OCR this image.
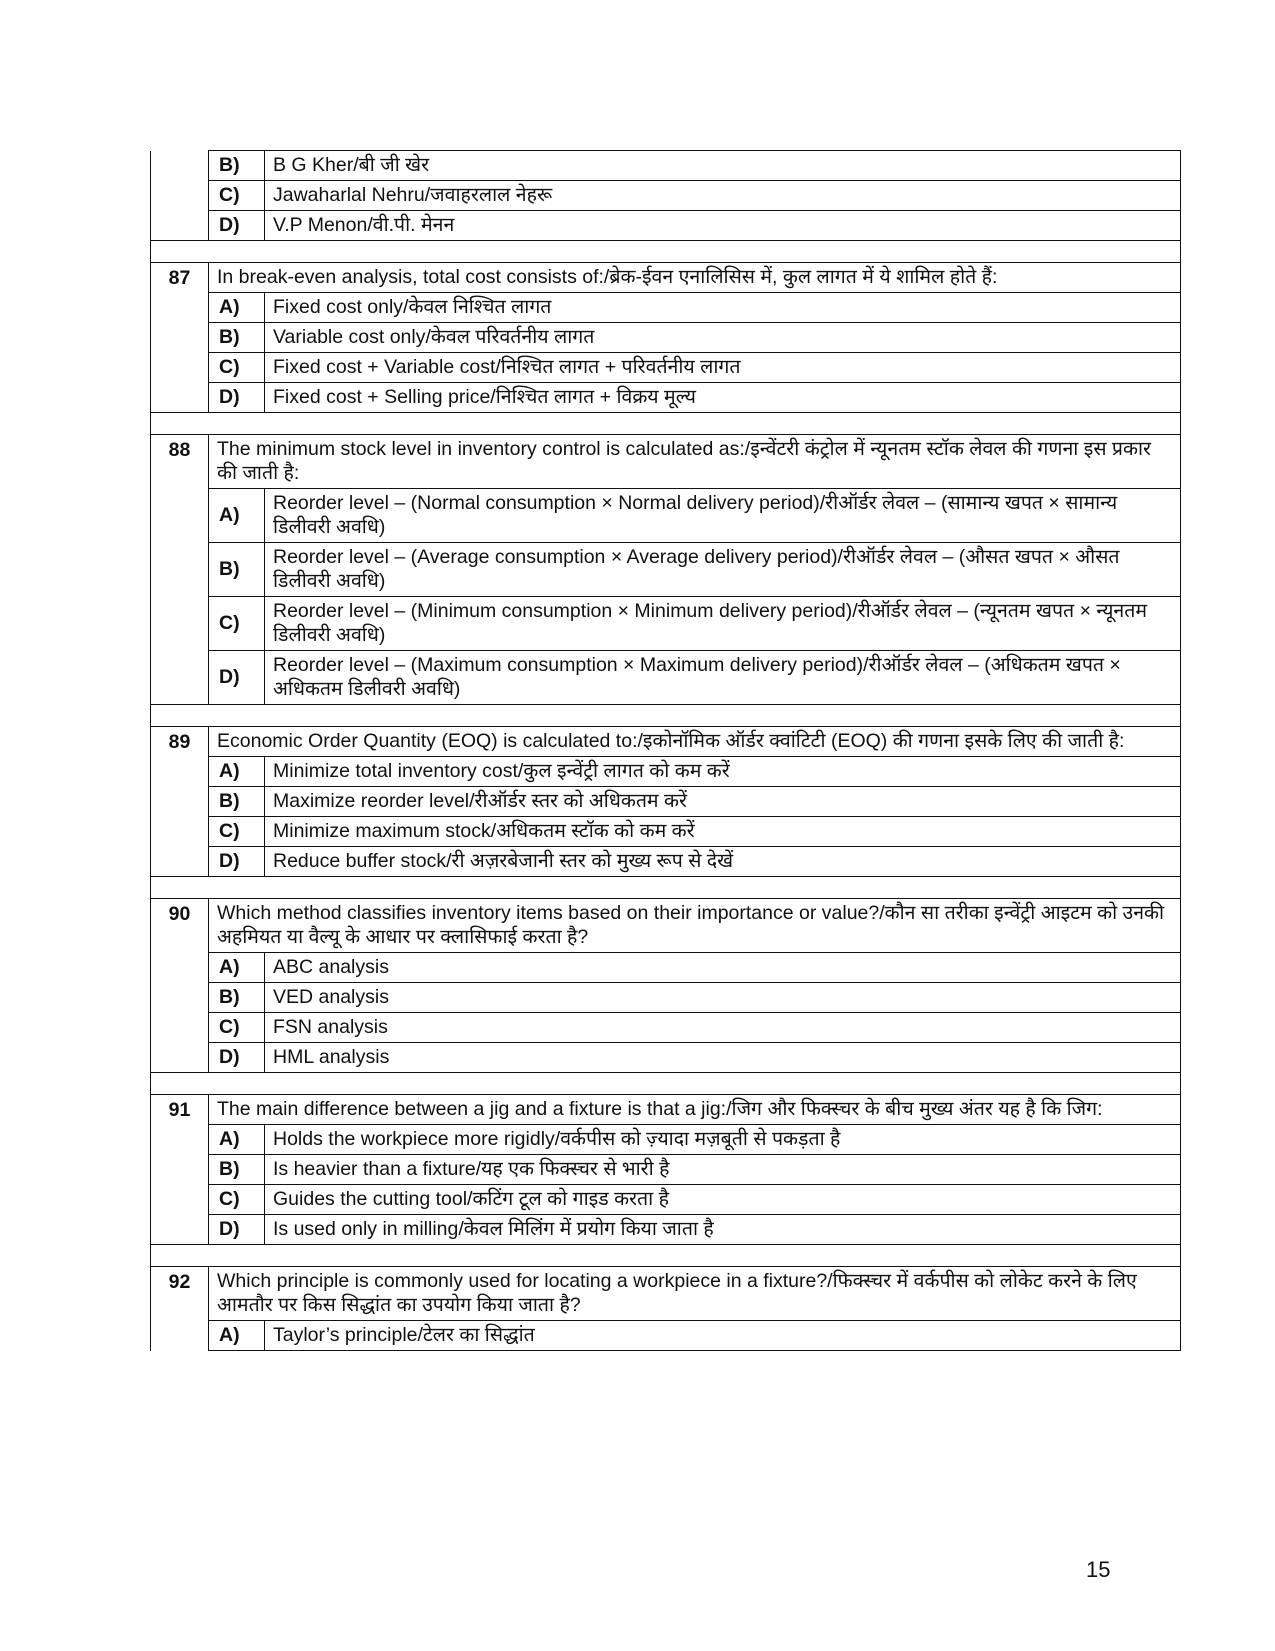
	B)	B G Kher/बी जी खेर
	C)	Jawaharlal Nehru/जवाहरलाल नेहरू
	D)	V.P Menon/वी.पी. मेनन

87	In break-even analysis, total cost consists of:/ब्रेक-ईवन एनालिसिस में, कुल लागत में ये शामिल होते हैं:	
	A)	Fixed cost only/केवल निश्चित लागत
	B)	Variable cost only/केवल परिवर्तनीय लागत
	C)	Fixed cost + Variable cost/निश्चित लागत + परिवर्तनीय लागत
	D)	Fixed cost + Selling price/निश्चित लागत + विक्रय मूल्य

88	The minimum stock level in inventory control is calculated as:/इन्वेंटरी कंट्रोल में न्यूनतम स्टॉक लेवल की गणना इस प्रकार की जाती है:	
	A)	Reorder level – (Normal consumption × Normal delivery period)/रीऑर्डर लेवल – (सामान्य खपत × सामान्य डिलीवरी अवधि)
	B)	Reorder level – (Average consumption × Average delivery period)/रीऑर्डर लेवल – (औसत खपत × औसत डिलीवरी अवधि)
	C)	Reorder level – (Minimum consumption × Minimum delivery period)/रीऑर्डर लेवल – (न्यूनतम खपत × न्यूनतम डिलीवरी अवधि)
	D)	Reorder level – (Maximum consumption × Maximum delivery period)/रीऑर्डर लेवल – (अधिकतम खपत × अधिकतम डिलीवरी अवधि)

89	Economic Order Quantity (EOQ) is calculated to:/इकोनॉमिक ऑर्डर क्वांटिटी (EOQ) की गणना इसके लिए की जाती है:	
	A)	Minimize total inventory cost/कुल इन्वेंट्री लागत को कम करें
	B)	Maximize reorder level/रीऑर्डर स्तर को अधिकतम करें
	C)	Minimize maximum stock/अधिकतम स्टॉक को कम करें
	D)	Reduce buffer stock/री अज़रबेजानी स्तर को मुख्य रूप से देखें

90	Which method classifies inventory items based on their importance or value?/कौन सा तरीका इन्वेंट्री आइटम को उनकी अहमियत या वैल्यू के आधार पर क्लासिफाई करता है?	
	A)	ABC analysis
	B)	VED analysis
	C)	FSN analysis
	D)	HML analysis

91	The main difference between a jig and a fixture is that a jig:/जिग और फिक्स्चर के बीच मुख्य अंतर यह है कि जिग:	
	A)	Holds the workpiece more rigidly/वर्कपीस को ज़्यादा मज़बूती से पकड़ता है
	B)	Is heavier than a fixture/यह एक फिक्स्चर से भारी है
	C)	Guides the cutting tool/कटिंग टूल को गाइड करता है
	D)	Is used only in milling/केवल मिलिंग में प्रयोग किया जाता है

92	Which principle is commonly used for locating a workpiece in a fixture?/फिक्स्चर में वर्कपीस को लोकेट करने के लिए आमतौर पर किस सिद्धांत का उपयोग किया जाता है?	
	A)	Taylor’s principle/टेलर का सिद्धांत
15
